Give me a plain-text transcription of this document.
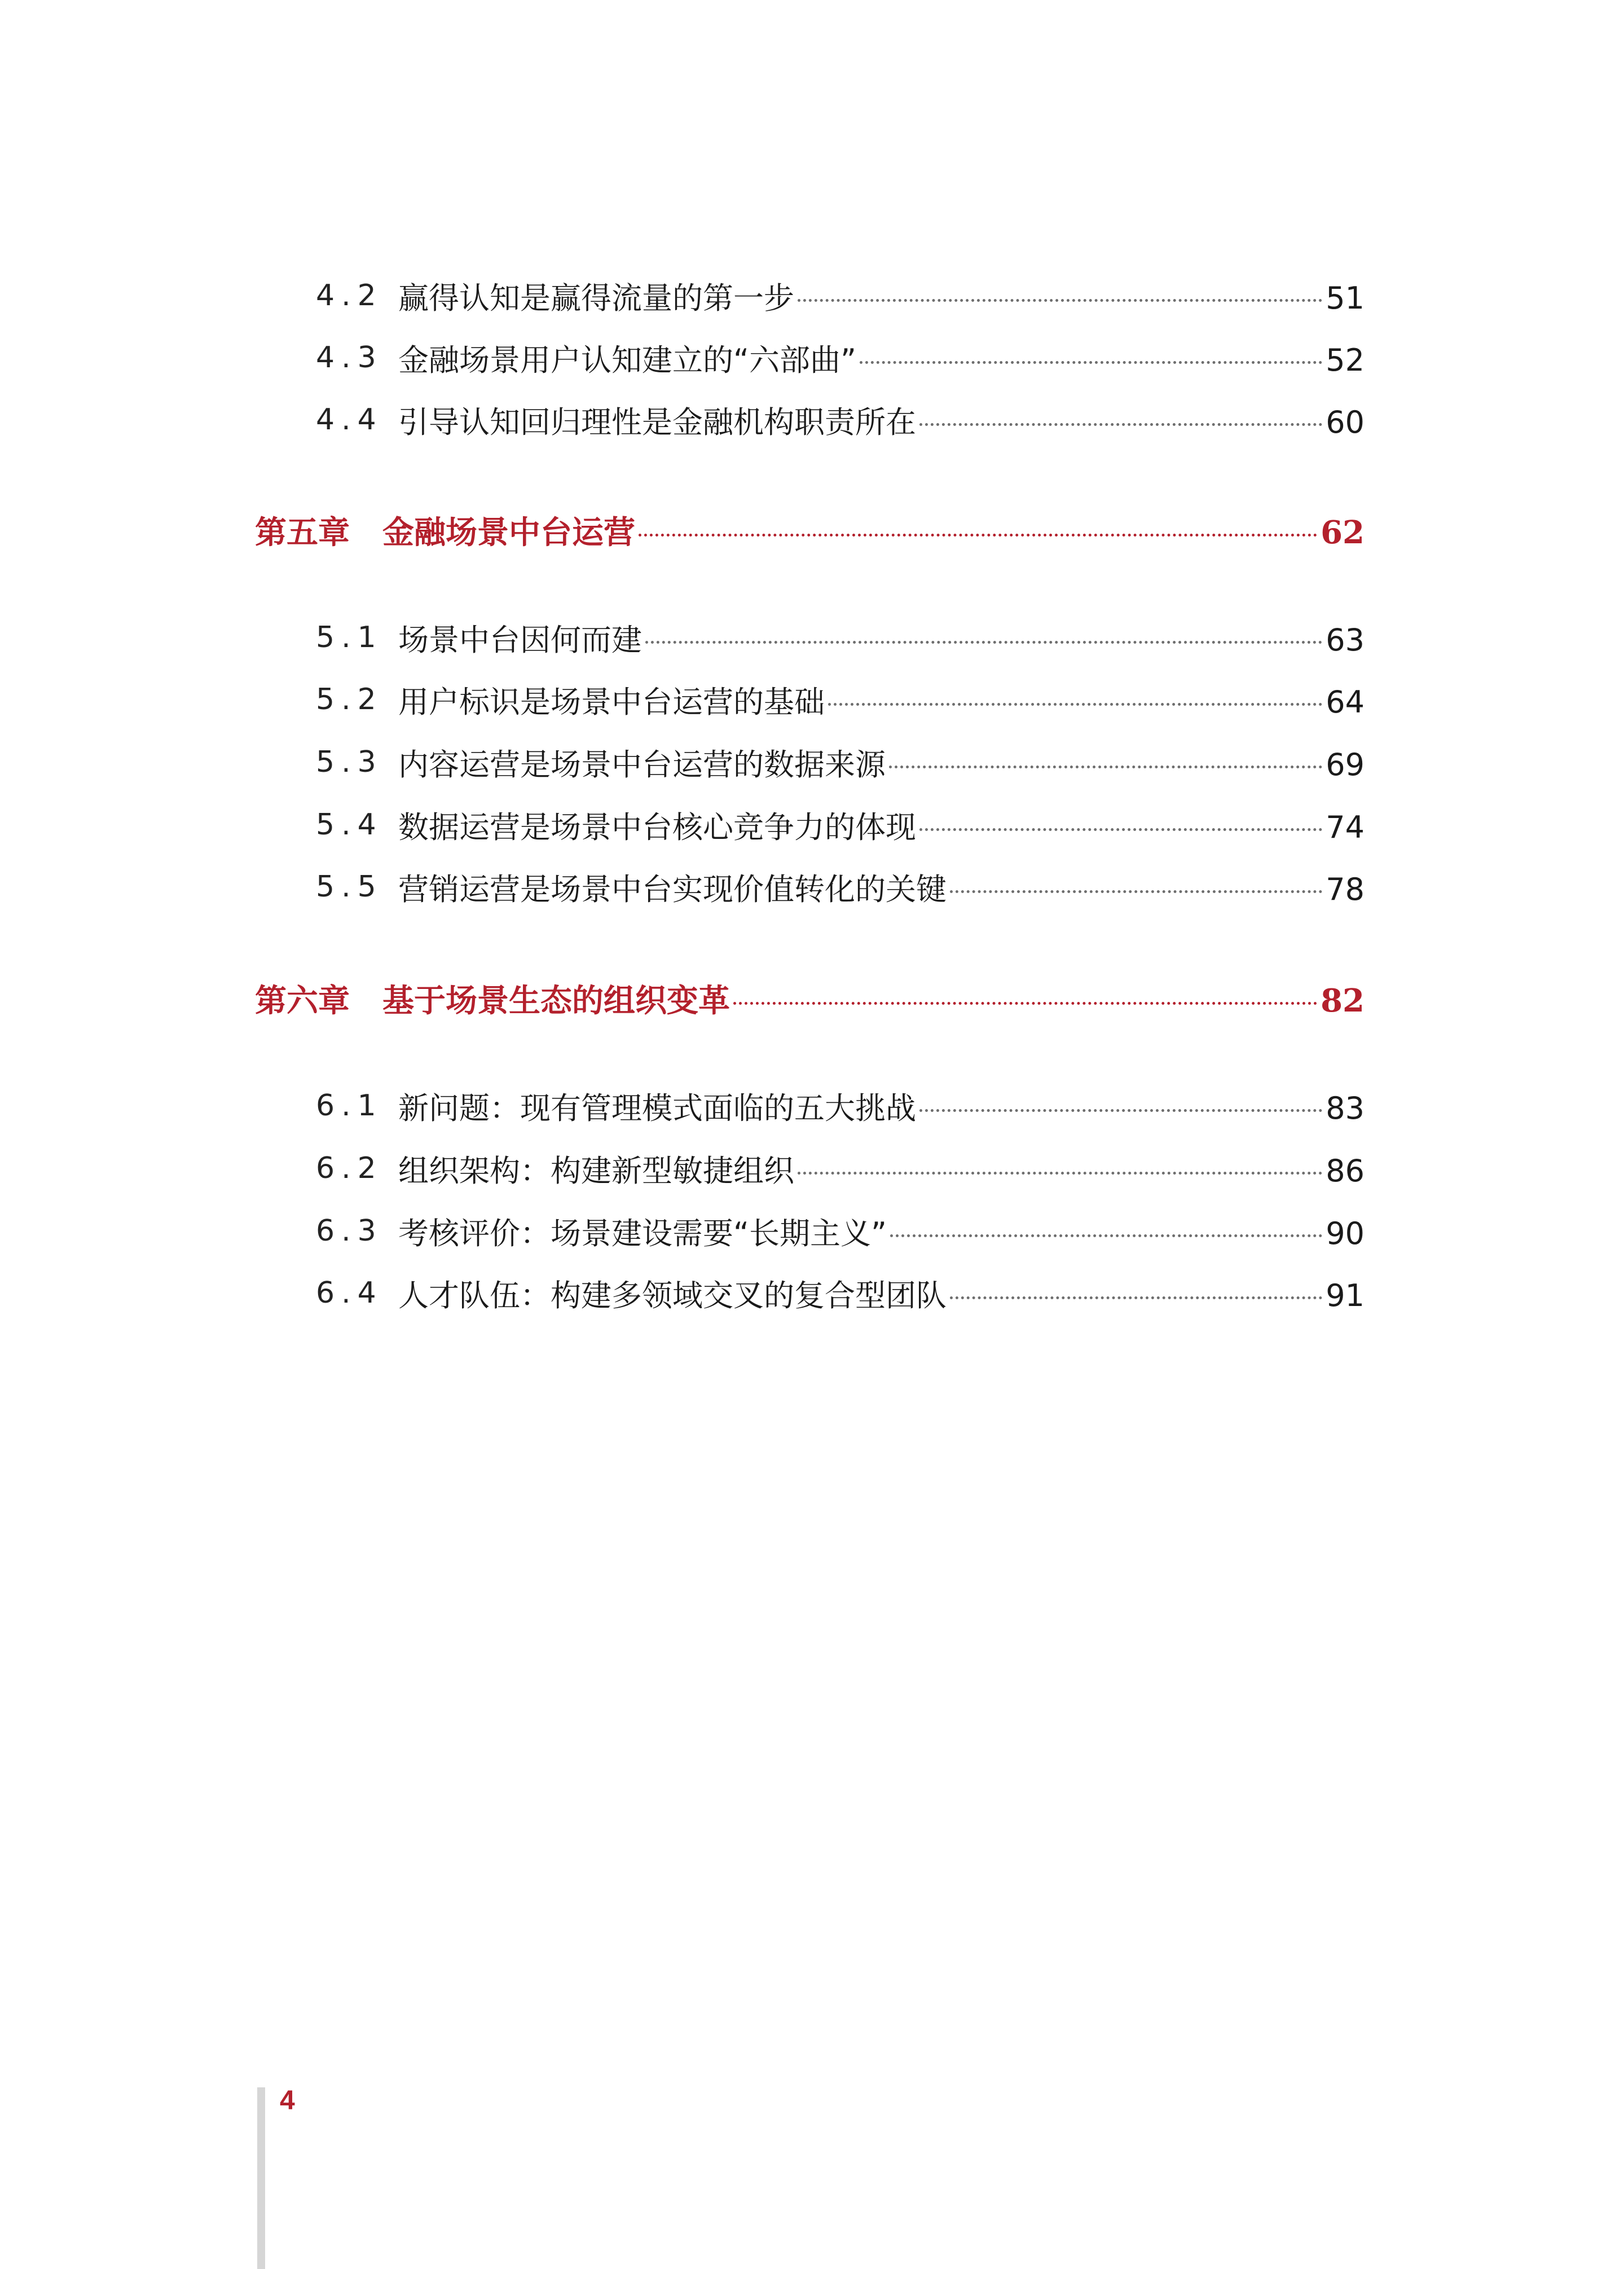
4.2 赢得认知是赢得流量的第一步	51
4.3 金融场景用户认知建立的“六部曲”	52
4.4 引导认知回归理性是金融机构职责所在	60
第五章 金融场景中台运营	62
5.1 场景中台因何而建	63
5.2 用户标识是场景中台运营的基础	64
5.3 内容运营是场景中台运营的数据来源	69
5.4 数据运营是场景中台核心竞争力的体现	74
5.5 营销运营是场景中台实现价值转化的关键	78
第六章 基于场景生态的组织变革	82
6.1 新问题：现有管理模式面临的五大挑战	83
6.2 组织架构：构建新型敏捷组织	86
6.3 考核评价：场景建设需要“长期主义”	90
6.4 人才队伍：构建多领域交叉的复合型团队	91
4
